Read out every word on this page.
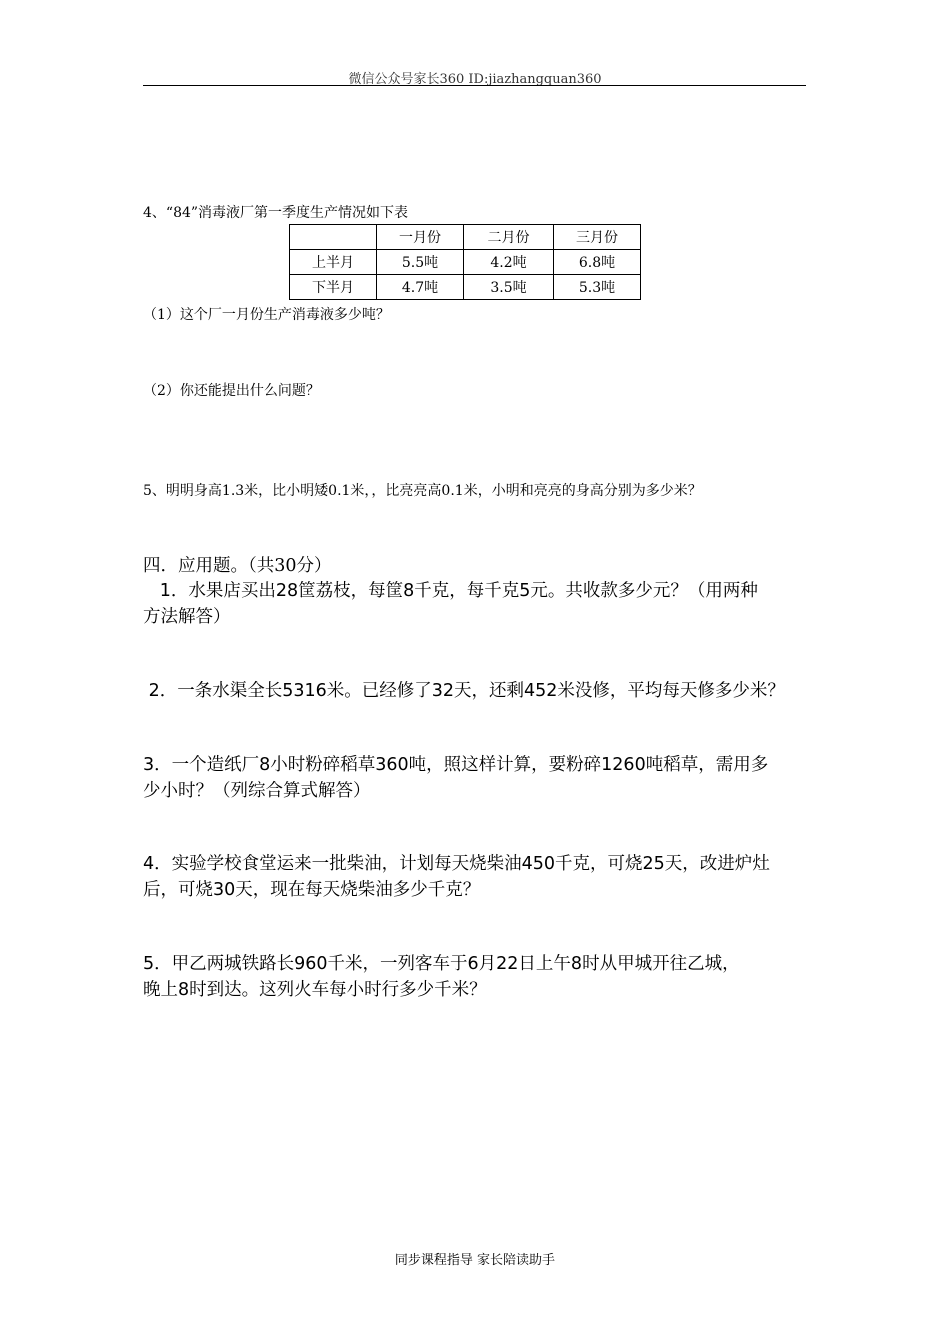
微信公众号家长360 ID:jiazhangquan360
4、“84”消毒液厂第一季度生产情况如下表
	一月份	二月份	三月份
上半月	5.5吨	4.2吨	6.8吨
下半月	4.7吨	3.5吨	5.3吨
（1）这个厂一月份生产消毒液多少吨？
（2）你还能提出什么问题？
5、明明身高1.3米，比小明矮0.1米，，比亮亮高0.1米，小明和亮亮的身高分别为多少米？
四．应用题。（共30分）
1．水果店买出28筐荔枝，每筐8千克，每千克5元。共收款多少元？（用两种
方法解答）
2．一条水渠全长5316米。已经修了32天，还剩452米没修，平均每天修多少米？
3．一个造纸厂8小时粉碎稻草360吨，照这样计算，要粉碎1260吨稻草，需用多
少小时？（列综合算式解答）
4．实验学校食堂运来一批柴油，计划每天烧柴油450千克，可烧25天，改进炉灶
后，可烧30天，现在每天烧柴油多少千克？
5．甲乙两城铁路长960千米，一列客车于6月22日上午8时从甲城开往乙城，
晚上8时到达。这列火车每小时行多少千米？
同步课程指导 家长陪读助手
